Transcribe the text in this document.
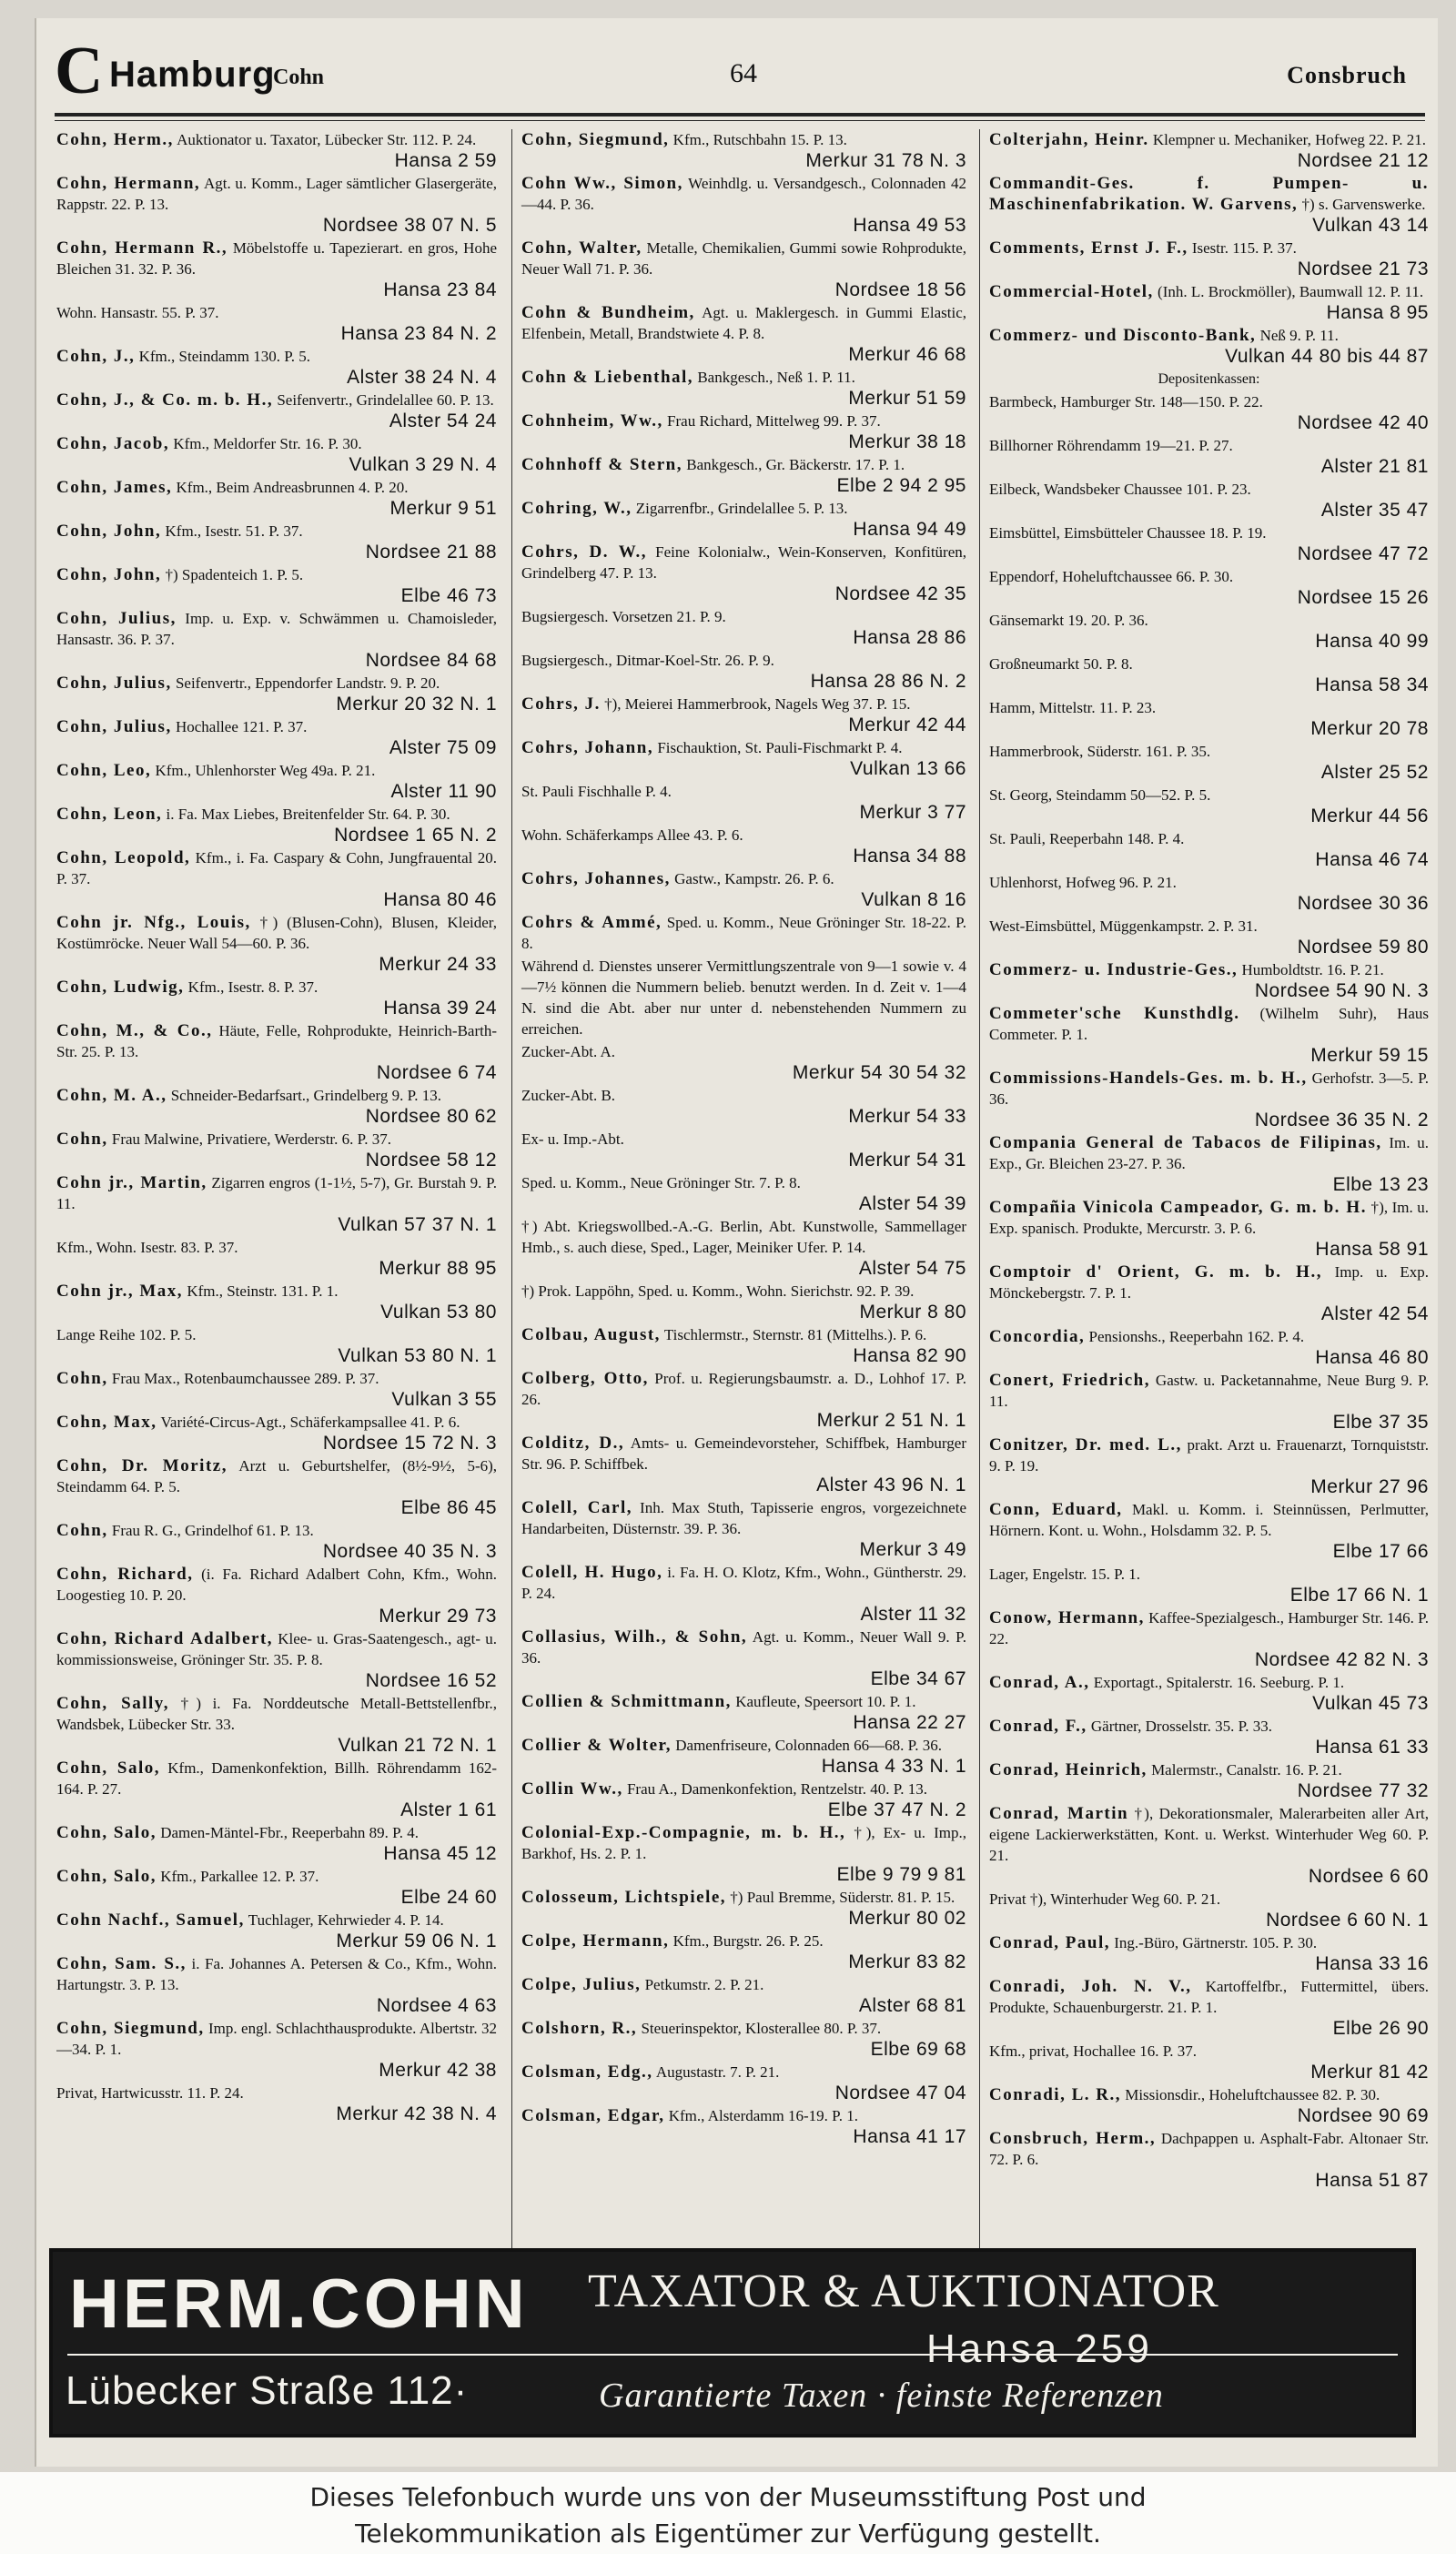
C Hamburg
Cohn	64	Consbruch
Cohn, Herm., Auktionator u. Taxator, Lübecker Str. 112. P. 24.
Hansa 2 59
Cohn, Hermann, Agt. u. Komm., Lager sämtlicher Glasergeräte, Rappstr. 22. P. 13.
Nordsee 38 07 N. 5
Cohn, Hermann R., Möbelstoffe u. Tapezierart. en gros, Hohe Bleichen 31. 32. P. 36.
Hansa 23 84
Wohn. Hansastr. 55. P. 37.
Hansa 23 84 N. 2
Cohn, J., Kfm., Steindamm 130. P. 5.
Alster 38 24 N. 4
Cohn, J., & Co. m. b. H., Seifenvertr., Grindelallee 60. P. 13.
Alster 54 24
Cohn, Jacob, Kfm., Meldorfer Str. 16. P. 30.
Vulkan 3 29 N. 4
Cohn, James, Kfm., Beim Andreasbrunnen 4. P. 20.
Merkur 9 51
Cohn, John, Kfm., Isestr. 51. P. 37.
Nordsee 21 88
Cohn, John, †) Spadenteich 1. P. 5.
Elbe 46 73
Cohn, Julius, Imp. u. Exp. v. Schwämmen u. Chamoisleder, Hansastr. 36. P. 37.
Nordsee 84 68
Cohn, Julius, Seifenvertr., Eppendorfer Landstr. 9. P. 20.
Merkur 20 32 N. 1
Cohn, Julius, Hochallee 121. P. 37.
Alster 75 09
Cohn, Leo, Kfm., Uhlenhorster Weg 49a. P. 21.
Alster 11 90
Cohn, Leon, i. Fa. Max Liebes, Breitenfelder Str. 64. P. 30.
Nordsee 1 65 N. 2
Cohn, Leopold, Kfm., i. Fa. Caspary & Cohn, Jungfrauental 20. P. 37.
Hansa 80 46
Cohn jr. Nfg., Louis, †) (Blusen-Cohn), Blusen, Kleider, Kostümröcke. Neuer Wall 54—60. P. 36.
Merkur 24 33
Cohn, Ludwig, Kfm., Isestr. 8. P. 37.
Hansa 39 24
Cohn, M., & Co., Häute, Felle, Rohprodukte, Heinrich-Barth-Str. 25. P. 13.
Nordsee 6 74
Cohn, M. A., Schneider-Bedarfsart., Grindelberg 9. P. 13.
Nordsee 80 62
Cohn, Frau Malwine, Privatiere, Werderstr. 6. P. 37.
Nordsee 58 12
Cohn jr., Martin, Zigarren engros (1-1½, 5-7), Gr. Burstah 9. P. 11.
Vulkan 57 37 N. 1
Kfm., Wohn. Isestr. 83. P. 37.
Merkur 88 95
Cohn jr., Max, Kfm., Steinstr. 131. P. 1.
Vulkan 53 80
Lange Reihe 102. P. 5.
Vulkan 53 80 N. 1
Cohn, Frau Max., Rotenbaumchaussee 289. P. 37.
Vulkan 3 55
Cohn, Max, Variété-Circus-Agt., Schäferkampsallee 41. P. 6.
Nordsee 15 72 N. 3
Cohn, Dr. Moritz, Arzt u. Geburtshelfer, (8½-9½, 5-6), Steindamm 64. P. 5.
Elbe 86 45
Cohn, Frau R. G., Grindelhof 61. P. 13.
Nordsee 40 35 N. 3
Cohn, Richard, (i. Fa. Richard Adalbert Cohn, Kfm., Wohn. Loogestieg 10. P. 20.
Merkur 29 73
Cohn, Richard Adalbert, Klee- u. Gras-Saatengesch., agt- u. kommissionsweise, Gröninger Str. 35. P. 8.
Nordsee 16 52
Cohn, Sally, †) i. Fa. Norddeutsche Metall-Bettstellenfbr., Wandsbek, Lübecker Str. 33.
Vulkan 21 72 N. 1
Cohn, Salo, Kfm., Damenkonfektion, Billh. Röhrendamm 162-164. P. 27.
Alster 1 61
Cohn, Salo, Damen-Mäntel-Fbr., Reeperbahn 89. P. 4.
Hansa 45 12
Cohn, Salo, Kfm., Parkallee 12. P. 37.
Elbe 24 60
Cohn Nachf., Samuel, Tuchlager, Kehrwieder 4. P. 14.
Merkur 59 06 N. 1
Cohn, Sam. S., i. Fa. Johannes A. Petersen & Co., Kfm., Wohn. Hartungstr. 3. P. 13.
Nordsee 4 63
Cohn, Siegmund, Imp. engl. Schlachthausprodukte. Albertstr. 32—34. P. 1.
Merkur 42 38
Privat, Hartwicusstr. 11. P. 24.
Merkur 42 38 N. 4
Cohn, Siegmund, Kfm., Rutschbahn 15. P. 13.
Merkur 31 78 N. 3
Cohn Ww., Simon, Weinhdlg. u. Versandgesch., Colonnaden 42—44. P. 36.
Hansa 49 53
Cohn, Walter, Metalle, Chemikalien, Gummi sowie Rohprodukte, Neuer Wall 71. P. 36.
Nordsee 18 56
Cohn & Bundheim, Agt. u. Maklergesch. in Gummi Elastic, Elfenbein, Metall, Brandstwiete 4. P. 8.
Merkur 46 68
Cohn & Liebenthal, Bankgesch., Neß 1. P. 11.
Merkur 51 59
Cohnheim, Ww., Frau Richard, Mittelweg 99. P. 37.
Merkur 38 18
Cohnhoff & Stern, Bankgesch., Gr. Bäckerstr. 17. P. 1.
Elbe 2 94 2 95
Cohring, W., Zigarrenfbr., Grindelallee 5. P. 13.
Hansa 94 49
Cohrs, D. W., Feine Kolonialw., Wein-Konserven, Konfitüren, Grindelberg 47. P. 13.
Nordsee 42 35
Bugsiergesch. Vorsetzen 21. P. 9.
Hansa 28 86
Bugsiergesch., Ditmar-Koel-Str. 26. P. 9.
Hansa 28 86 N. 2
Cohrs, J. †), Meierei Hammerbrook, Nagels Weg 37. P. 15.
Merkur 42 44
Cohrs, Johann, Fischauktion, St. Pauli-Fischmarkt P. 4.
Vulkan 13 66
St. Pauli Fischhalle P. 4.
Merkur 3 77
Wohn. Schäferkamps Allee 43. P. 6.
Hansa 34 88
Cohrs, Johannes, Gastw., Kampstr. 26. P. 6.
Vulkan 8 16
Cohrs & Ammé, Sped. u. Komm., Neue Gröninger Str. 18-22. P. 8.
Während d. Dienstes unserer Vermittlungszentrale von 9—1 sowie v. 4—7½ können die Nummern belieb. benutzt werden. In d. Zeit v. 1—4 N. sind die Abt. aber nur unter d. nebenstehenden Nummern zu erreichen.
Zucker-Abt. A.
Merkur 54 30 54 32
Zucker-Abt. B.
Merkur 54 33
Ex- u. Imp.-Abt.
Merkur 54 31
Sped. u. Komm., Neue Gröninger Str. 7. P. 8.
Alster 54 39
†) Abt. Kriegswollbed.-A.-G. Berlin, Abt. Kunstwolle, Sammellager Hmb., s. auch diese, Sped., Lager, Meiniker Ufer. P. 14.
Alster 54 75
†) Prok. Lappöhn, Sped. u. Komm., Wohn. Sierichstr. 92. P. 39.
Merkur 8 80
Colbau, August, Tischlermstr., Sternstr. 81 (Mittelhs.). P. 6.
Hansa 82 90
Colberg, Otto, Prof. u. Regierungsbaumstr. a. D., Lohhof 17. P. 26.
Merkur 2 51 N. 1
Colditz, D., Amts- u. Gemeindevorsteher, Schiffbek, Hamburger Str. 96. P. Schiffbek.
Alster 43 96 N. 1
Colell, Carl, Inh. Max Stuth, Tapisserie engros, vorgezeichnete Handarbeiten, Düsternstr. 39. P. 36.
Merkur 3 49
Colell, H. Hugo, i. Fa. H. O. Klotz, Kfm., Wohn., Güntherstr. 29. P. 24.
Alster 11 32
Collasius, Wilh., & Sohn, Agt. u. Komm., Neuer Wall 9. P. 36.
Elbe 34 67
Collien & Schmittmann, Kaufleute, Speersort 10. P. 1.
Hansa 22 27
Collier & Wolter, Damenfriseure, Colonnaden 66—68. P. 36.
Hansa 4 33 N. 1
Collin Ww., Frau A., Damenkonfektion, Rentzelstr. 40. P. 13.
Elbe 37 47 N. 2
Colonial-Exp.-Compagnie, m. b. H., †), Ex- u. Imp., Barkhof, Hs. 2. P. 1.
Elbe 9 79 9 81
Colosseum, Lichtspiele, †) Paul Bremme, Süderstr. 81. P. 15.
Merkur 80 02
Colpe, Hermann, Kfm., Burgstr. 26. P. 25.
Merkur 83 82
Colpe, Julius, Petkumstr. 2. P. 21.
Alster 68 81
Colshorn, R., Steuerinspektor, Klosterallee 80. P. 37.
Elbe 69 68
Colsman, Edg., Augustastr. 7. P. 21.
Nordsee 47 04
Colsman, Edgar, Kfm., Alsterdamm 16-19. P. 1.
Hansa 41 17
Colterjahn, Heinr. Klempner u. Mechaniker, Hofweg 22. P. 21.
Nordsee 21 12
Commandit-Ges. f. Pumpen- u. Maschinenfabrikation. W. Garvens, †) s. Garvenswerke.
Vulkan 43 14
Comments, Ernst J. F., Isestr. 115. P. 37.
Nordsee 21 73
Commercial-Hotel, (Inh. L. Brockmöller), Baumwall 12. P. 11.
Hansa 8 95
Commerz- und Disconto-Bank, Neß 9. P. 11.
Vulkan 44 80 bis 44 87
Depositenkassen:
Barmbeck, Hamburger Str. 148—150. P. 22.
Nordsee 42 40
Billhorner Röhrendamm 19—21. P. 27.
Alster 21 81
Eilbeck, Wandsbeker Chaussee 101. P. 23.
Alster 35 47
Eimsbüttel, Eimsbütteler Chaussee 18. P. 19.
Nordsee 47 72
Eppendorf, Hoheluftchaussee 66. P. 30.
Nordsee 15 26
Gänsemarkt 19. 20. P. 36.
Hansa 40 99
Großneumarkt 50. P. 8.
Hansa 58 34
Hamm, Mittelstr. 11. P. 23.
Merkur 20 78
Hammerbrook, Süderstr. 161. P. 35.
Alster 25 52
St. Georg, Steindamm 50—52. P. 5.
Merkur 44 56
St. Pauli, Reeperbahn 148. P. 4.
Hansa 46 74
Uhlenhorst, Hofweg 96. P. 21.
Nordsee 30 36
West-Eimsbüttel, Müggenkampstr. 2. P. 31.
Nordsee 59 80
Commerz- u. Industrie-Ges., Humboldtstr. 16. P. 21.
Nordsee 54 90 N. 3
Commeter'sche Kunsthdlg. (Wilhelm Suhr), Haus Commeter. P. 1.
Merkur 59 15
Commissions-Handels-Ges. m. b. H., Gerhofstr. 3—5. P. 36.
Nordsee 36 35 N. 2
Compania General de Tabacos de Filipinas, Im. u. Exp., Gr. Bleichen 23-27. P. 36.
Elbe 13 23
Compañia Vinicola Campeador, G. m. b. H. †), Im. u. Exp. spanisch. Produkte, Mercurstr. 3. P. 6.
Hansa 58 91
Comptoir d' Orient, G. m. b. H., Imp. u. Exp. Mönckebergstr. 7. P. 1.
Alster 42 54
Concordia, Pensionshs., Reeperbahn 162. P. 4.
Hansa 46 80
Conert, Friedrich, Gastw. u. Packetannahme, Neue Burg 9. P. 11.
Elbe 37 35
Conitzer, Dr. med. L., prakt. Arzt u. Frauenarzt, Tornquiststr. 9. P. 19.
Merkur 27 96
Conn, Eduard, Makl. u. Komm. i. Steinnüssen, Perlmutter, Hörnern. Kont. u. Wohn., Holsdamm 32. P. 5.
Elbe 17 66
Lager, Engelstr. 15. P. 1.
Elbe 17 66 N. 1
Conow, Hermann, Kaffee-Spezialgesch., Hamburger Str. 146. P. 22.
Nordsee 42 82 N. 3
Conrad, A., Exportagt., Spitalerstr. 16. Seeburg. P. 1.
Vulkan 45 73
Conrad, F., Gärtner, Drosselstr. 35. P. 33.
Hansa 61 33
Conrad, Heinrich, Malermstr., Canalstr. 16. P. 21.
Nordsee 77 32
Conrad, Martin †), Dekorationsmaler, Malerarbeiten aller Art, eigene Lackierwerkstätten, Kont. u. Werkst. Winterhuder Weg 60. P. 21.
Nordsee 6 60
Privat †), Winterhuder Weg 60. P. 21.
Nordsee 6 60 N. 1
Conrad, Paul, Ing.-Büro, Gärtnerstr. 105. P. 30.
Hansa 33 16
Conradi, Joh. N. V., Kartoffelfbr., Futtermittel, übers. Produkte, Schauenburgerstr. 21. P. 1.
Elbe 26 90
Kfm., privat, Hochallee 16. P. 37.
Merkur 81 42
Conradi, L. R., Missionsdir., Hoheluftchaussee 82. P. 30.
Nordsee 90 69
Consbruch, Herm., Dachpappen u. Asphalt-Fabr. Altonaer Str. 72. P. 6.
Hansa 51 87
HERM.COHN TAXATOR & AUKTIONATOR
Hansa 259
Lübecker Straße 112·	Garantierte Taxen · feinste Referenzen
Dieses Telefonbuch wurde uns von der Museumsstiftung Post und
Telekommunikation als Eigentümer zur Verfügung gestellt.
